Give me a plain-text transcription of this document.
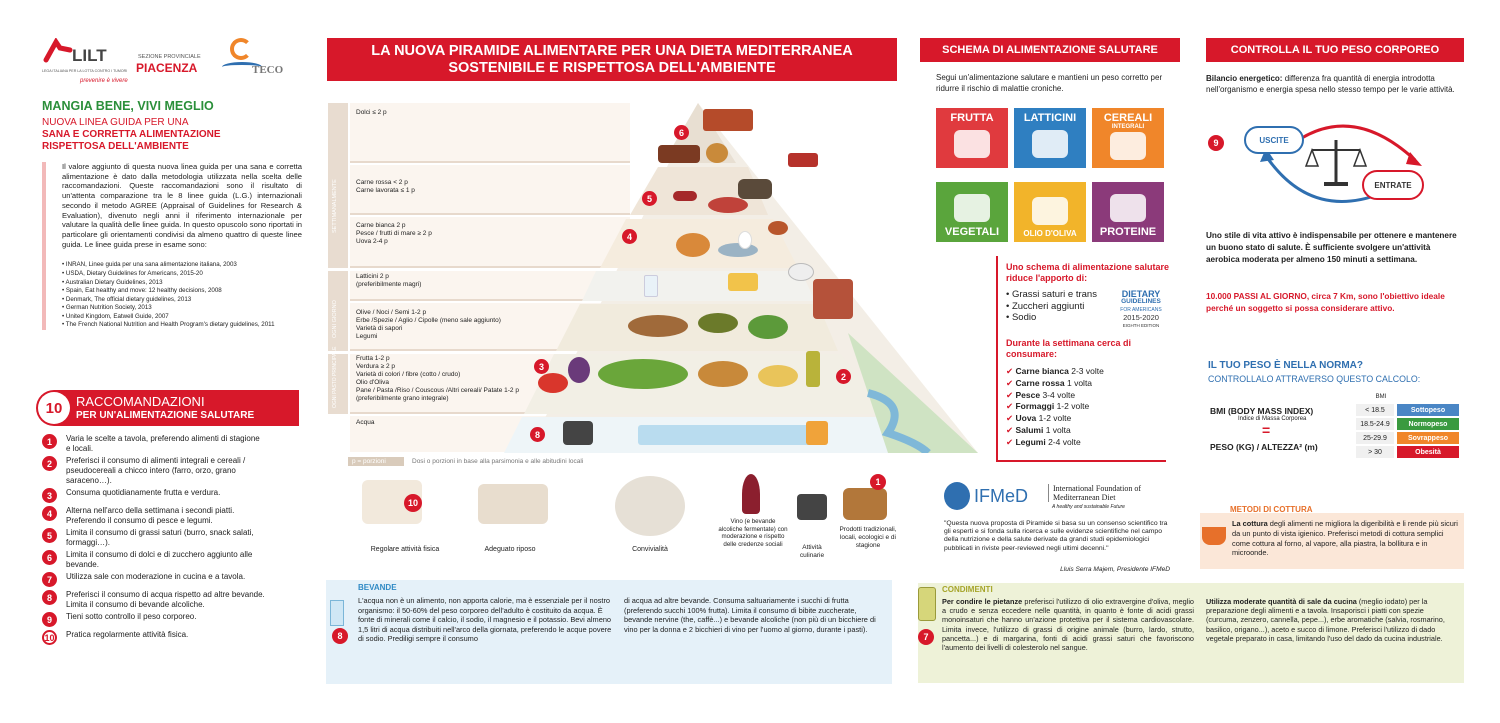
LILT
LEGA ITALIANA PER LA LOTTA CONTRO I TUMORI
prevenire è vivere
SEZIONE PROVINCIALE
PIACENZA	TECO
MANGIA BENE, VIVI MEGLIO
NUOVA LINEA GUIDA PER UNA
SANA E CORRETTA ALIMENTAZIONE RISPETTOSA DELL'AMBIENTE
Il valore aggiunto di questa nuova linea guida per una sana e corretta alimentazione è dato dalla metodologia utilizzata nella scelta delle raccomandazioni. Queste raccomandazioni sono il risultato di un'attenta comparazione tra le 8 linee guida (L.G.) internazionali secondo il metodo AGREE (Appraisal of Guidelines for Research & Evaluation), divenuto negli anni il riferimento internazionale per valutare la qualità delle linee guida. In questo opuscolo sono riportati in particolare gli orientamenti condivisi da almeno quattro di queste linee guida. Le linee guida prese in esame sono:
• INRAN, Linee guida per una sana alimentazione italiana, 2003
• USDA, Dietary Guidelines for Americans, 2015-20
• Australian Dietary Guidelines, 2013
• Spain, Eat healthy and move: 12 healthy decisions, 2008
• Denmark, The official dietary guidelines, 2013
• German Nutrition Society, 2013
• United Kingdom, Eatwell Guide, 2007
• The French National Nutrition and Health Program's dietary guidelines, 2011
10	RACCOMANDAZIONI
PER UN'ALIMENTAZIONE SALUTARE
1	Varia le scelte a tavola, preferendo alimenti di stagione e locali.
2	Preferisci il consumo di alimenti integrali e cereali / pseudocereali a chicco intero (farro, orzo, grano saraceno…).
3	Consuma quotidianamente frutta e verdura.
4	Alterna nell'arco della settimana i secondi piatti. Preferendo il consumo di pesce e legumi.
5	Limita il consumo di grassi saturi (burro, snack salati, formaggi…).
6	Limita il consumo di dolci e di zucchero aggiunto alle bevande.
7	Utilizza sale con moderazione in cucina e a tavola.
8	Preferisci il consumo di acqua rispetto ad altre bevande. Limita il consumo di bevande alcoliche.
9	Tieni sotto controllo il peso corporeo.
10	Pratica regolarmente attività fisica.
LA NUOVA PIRAMIDE ALIMENTARE PER UNA DIETA MEDITERRANEA SOSTENIBILE E RISPETTOSA DELL'AMBIENTE
SETTIMANALMENTE
OGNI GIORNO
OGNI PASTO PRINCIPALE
Dolci ≤ 2 p
Carne rossa < 2 p
Carne lavorata ≤ 1 p
Carne bianca 2 p
Pesce / frutti di mare ≥ 2 p
Uova 2-4 p
Latticini 2 p
(preferibilmente magri)
Olive / Noci / Semi 1-2 p
Erbe /Spezie / Aglio / Cipolle (meno sale aggiunto)
Varietà di sapori
Legumi
Frutta 1-2 p
Verdura ≥ 2 p
Varietà di colori / fibre (cotto / crudo)
Olio d'Oliva
Pane / Pasta /Riso / Couscous /Altri cereali/ Patate 1-2 p
(preferibilmente grano integrale)
Acqua
6
5
4
3
2
8
p = porzioni	Dosi o porzioni in base alla parsimonia e alle abitudini locali
10
Regolare attività fisica	Adeguato riposo	Convivialità
Vino (e bevande alcoliche fermentate) con moderazione e rispetto delle credenze sociali	Attività culinarie
1
Prodotti tradizionali, locali, ecologici e di stagione
BEVANDE
8
L'acqua non è un alimento, non apporta calorie, ma è essenziale per il nostro organismo: il 50-60% del peso corporeo dell'adulto è costituito da acqua. È fonte di minerali come il calcio, il sodio, il magnesio e il potassio. Bevi almeno 1,5 litri di acqua distribuiti nell'arco della giornata, preferendo le acque povere di sodio. Prediligi sempre il consumo
di acqua ad altre bevande. Consuma saltuariamente i succhi di frutta (preferendo succhi 100% frutta). Limita il consumo di bibite zuccherate, bevande nervine (the, caffè...) e bevande alcoliche (non più di un bicchiere di vino per la donna e 2 bicchieri di vino per l'uomo al giorno, durante i pasti).
SCHEMA DI ALIMENTAZIONE SALUTARE
Segui un'alimentazione salutare e mantieni un peso corretto per ridurre il rischio di malattie croniche.
FRUTTA	LATTICINI	CEREALI
INTEGRALI
VEGETALI	OLIO D'OLIVA PROTEINE
Uno schema di alimentazione salutare riduce l'apporto di:
• Grassi saturi e trans
• Zuccheri aggiunti
• Sodio
DIETARY
GUIDELINES
FOR AMERICANS
2015-2020
EIGHTH EDITION
Durante la settimana cerca di consumare:
✔ Carne bianca 2-3 volte
✔ Carne rossa 1 volta
✔ Pesce 3-4 volte
✔ Formaggi 1-2 volte
✔ Uova 1-2 volte
✔ Salumi 1 volta
✔ Legumi 2-4 volte
IFMeD	International Foundation of Mediterranean Diet
A healthy and sustainable Future
"Questa nuova proposta di Piramide si basa su un consenso scientifico tra gli esperti e si fonda sulla ricerca e sulle evidenze scientifiche nel campo della nutrizione e della salute derivate da grandi studi epidemiologici pubblicati in riviste peer-reviewed negli ultimi decenni."
Lluis Serra Majem, Presidente IFMeD
CONDIMENTI
7
Per condire le pietanze preferisci l'utilizzo di olio extravergine d'oliva, meglio a crudo e senza eccedere nelle quantità, in quanto è fonte di acidi grassi monoinsaturi che hanno un'azione protettiva per il sistema cardiovascolare. Limita invece, l'utilizzo di grassi di origine animale (burro, lardo, strutto, pancetta...) e di margarina, fonti di acidi grassi saturi che favoriscono l'aumento dei livelli di colesterolo nel sangue.
Utilizza moderate quantità di sale da cucina (meglio iodato) per la preparazione degli alimenti e a tavola. Insaporisci i piatti con spezie (curcuma, zenzero, cannella, pepe...), erbe aromatiche (salvia, rosmarino, basilico, origano...), aceto e succo di limone. Preferisci l'utilizzo di dado vegetale preparato in casa, limitando l'uso del dado da cucina industriale.
CONTROLLA IL TUO PESO CORPOREO
Bilancio energetico: differenza fra quantità di energia introdotta nell'organismo e energia spesa nello stesso tempo per le varie attività.
9	USCITE
ENTRATE
Uno stile di vita attivo è indispensabile per ottenere e mantenere un buono stato di salute. È sufficiente svolgere un'attività aerobica moderata per almeno 150 minuti a settimana.
10.000 PASSI AL GIORNO, circa 7 Km, sono l'obiettivo ideale perché un soggetto si possa considerare attivo.
IL TUO PESO È NELLA NORMA?
CONTROLLALO ATTRAVERSO QUESTO CALCOLO:
BMI (BODY MASS INDEX)
Indice di Massa Corporea
=
PESO (KG) / ALTEZZA² (m)
BMI
< 18.5	Sottopeso
18.5-24.9	Normopeso
25-29.9	Sovrappeso
> 30	Obesità
METODI DI COTTURA
La cottura degli alimenti ne migliora la digeribilità e li rende più sicuri da un punto di vista igienico. Preferisci metodi di cottura semplici come cottura al forno, al vapore, alla piastra, la bollitura e in microonde.
